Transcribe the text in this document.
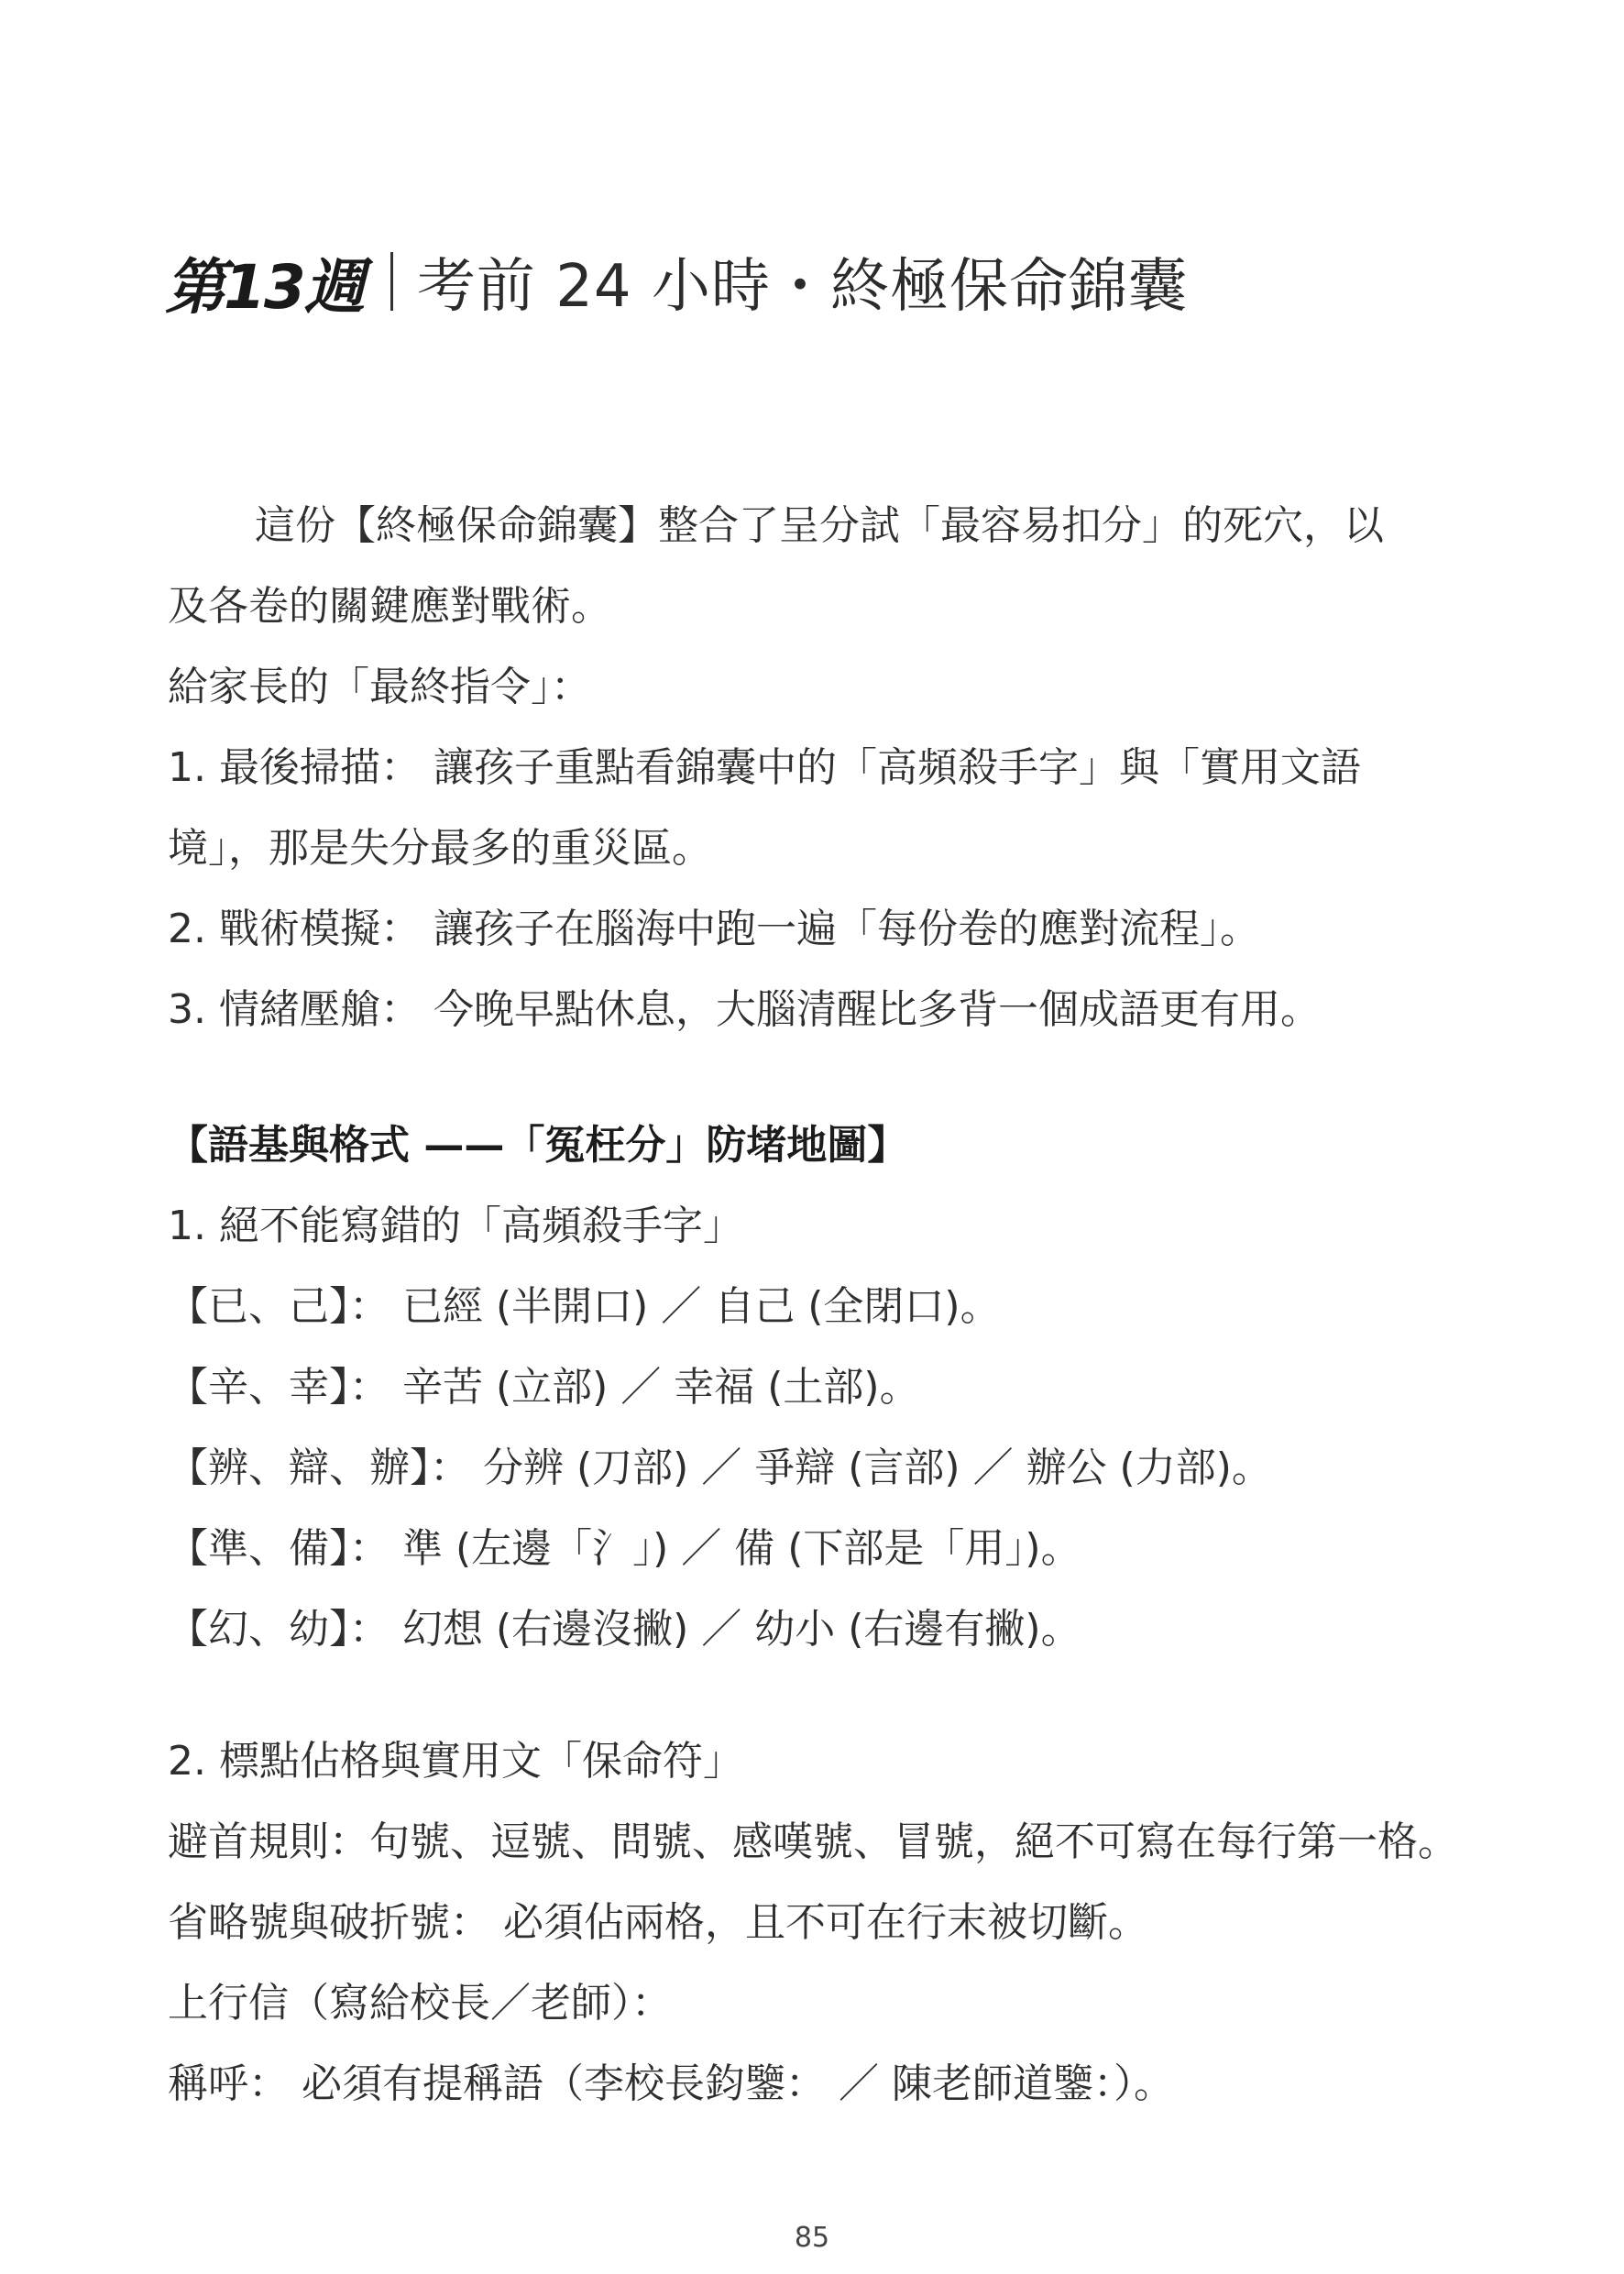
第13週 考前 24 小時・終極保命錦囊
這份【終極保命錦囊】整合了呈分試「最容易扣分」的死穴，以
及各卷的關鍵應對戰術。
給家長的「最終指令」：
1. 最後掃描： 讓孩子重點看錦囊中的「高頻殺手字」與「實用文語
境」，那是失分最多的重災區。
2. 戰術模擬： 讓孩子在腦海中跑一遍「每份卷的應對流程」。
3. 情緒壓艙： 今晚早點休息，大腦清醒比多背一個成語更有用。
【語基與格式 ——「冤枉分」防堵地圖】
1. 絕不能寫錯的「高頻殺手字」
【已、己】： 已經 (半開口) ／ 自己 (全閉口)。
【辛、幸】： 辛苦 (立部) ／ 幸福 (土部)。
【辨、辯、辦】： 分辨 (刀部) ／ 爭辯 (言部) ／ 辦公 (力部)。
【準、備】： 準 (左邊「氵」) ／ 備 (下部是「用」)。
【幻、幼】： 幻想 (右邊沒撇) ／ 幼小 (右邊有撇)。
2. 標點佔格與實用文「保命符」
避首規則：句號、逗號、問號、感嘆號、冒號，絕不可寫在每行第一格。
省略號與破折號： 必須佔兩格，且不可在行末被切斷。
上行信（寫給校長／老師）：
稱呼： 必須有提稱語（李校長鈞鑒： ／ 陳老師道鑒：）。
85
